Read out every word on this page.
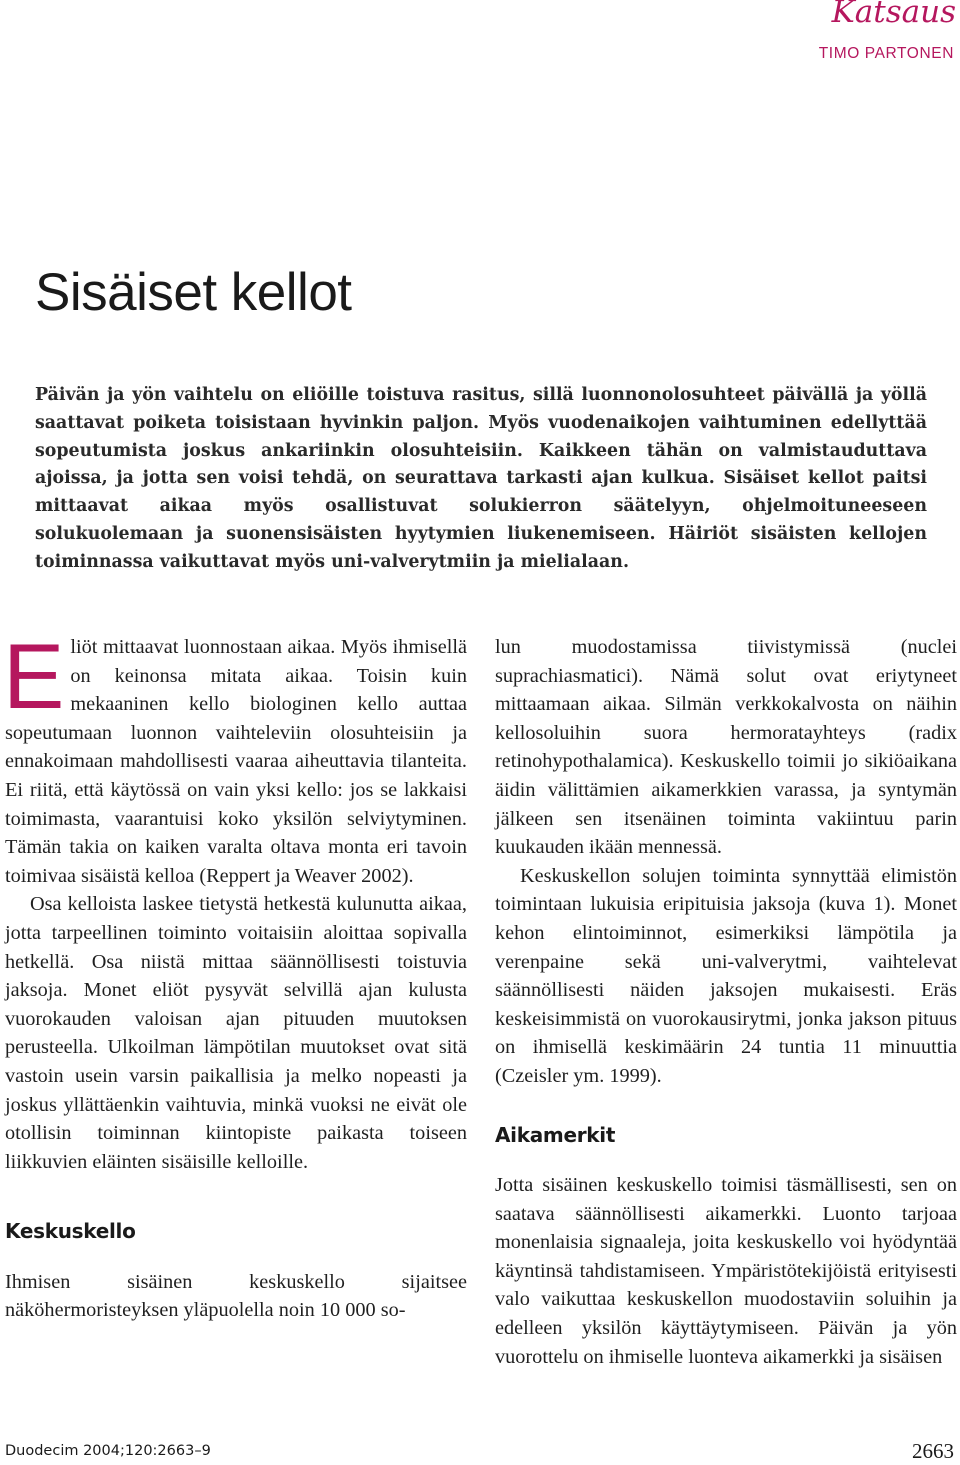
Katsaus
TIMO PARTONEN
Sisäiset kellot

Päivän ja yön vaihtelu on eliöille toistuva rasitus, sillä luonnonolosuhteet päivällä ja yöllä saattavat poiketa toisistaan hyvinkin paljon. Myös vuodenaikojen vaihtuminen edellyttää sopeutumista joskus ankariinkin olosuhteisiin. Kaikkeen tähän on valmistauduttava ajoissa, ja jotta sen voisi tehdä, on seurattava tarkasti ajan kulkua. Sisäiset kellot paitsi mittaavat aikaa myös osallistuvat solukierron säätelyyn, ohjelmoituneeseen solukuolemaan ja suonensisäisten hyytymien liukenemiseen. Häiriöt sisäisten kellojen toiminnassa vaikuttavat myös uni-valverytmiin ja mielialaan.

Eliöt mittaavat luonnostaan aikaa. Myös ihmisellä on keinonsa mitata aikaa. Toisin kuin mekaaninen kello biologinen kello auttaa sopeutumaan luonnon vaihteleviin olosuhteisiin ja ennakoimaan mahdollisesti vaaraa aiheuttavia tilanteita. Ei riitä, että käytössä on vain yksi kello: jos se lakkaisi toimimasta, vaarantuisi koko yksilön selviytyminen. Tämän takia on kaiken varalta oltava monta eri tavoin toimivaa sisäistä kelloa (Reppert ja Weaver 2002).

Osa kelloista laskee tietystä hetkestä kulunutta aikaa, jotta tarpeellinen toiminto voitaisiin aloittaa sopivalla hetkellä. Osa niistä mittaa säännöllisesti toistuvia jaksoja. Monet eliöt pysyvät selvillä ajan kulusta vuorokauden valoisan ajan pituuden muutoksen perusteella. Ulkoilman lämpötilan muutokset ovat sitä vastoin usein varsin paikallisia ja melko nopeasti ja joskus yllättäenkin vaihtuvia, minkä vuoksi ne eivät ole otollisin toiminnan kiintopiste paikasta toiseen liikkuvien eläinten sisäisille kelloille.

Keskuskello

Ihmisen sisäinen keskuskello sijaitsee näköhermoristeyksen yläpuolella noin 10 000 so-

lun muodostamissa tiivistymissä (nuclei suprachiasmatici). Nämä solut ovat eriytyneet mittaamaan aikaa. Silmän verkkokalvosta on näihin kellosoluihin suora hermoratayhteys (radix retinohypothalamica). Keskuskello toimii jo sikiöaikana äidin välittämien aikamerkkien varassa, ja syntymän jälkeen sen itsenäinen toiminta vakiintuu parin kuukauden ikään mennessä.

Keskuskellon solujen toiminta synnyttää elimistön toimintaan lukuisia eripituisia jaksoja (kuva 1). Monet kehon elintoiminnot, esimerkiksi lämpötila ja verenpaine sekä uni-valverytmi, vaihtelevat säännöllisesti näiden jaksojen mukaisesti. Eräs keskeisimmistä on vuorokausirytmi, jonka jakson pituus on ihmisellä keskimäärin 24 tuntia 11 minuuttia (Czeisler ym. 1999).

Aikamerkit

Jotta sisäinen keskuskello toimisi täsmällisesti, sen on saatava säännöllisesti aikamerkki. Luonto tarjoaa monenlaisia signaaleja, joita keskuskello voi hyödyntää käyntinsä tahdistamiseen. Ympäristötekijöistä erityisesti valo vaikuttaa keskuskellon muodostaviin soluihin ja edelleen yksilön käyttäytymiseen. Päivän ja yön vuorottelu on ihmiselle luonteva aikamerkki ja sisäisen

Duodecim 2004;120:2663–9	2663
